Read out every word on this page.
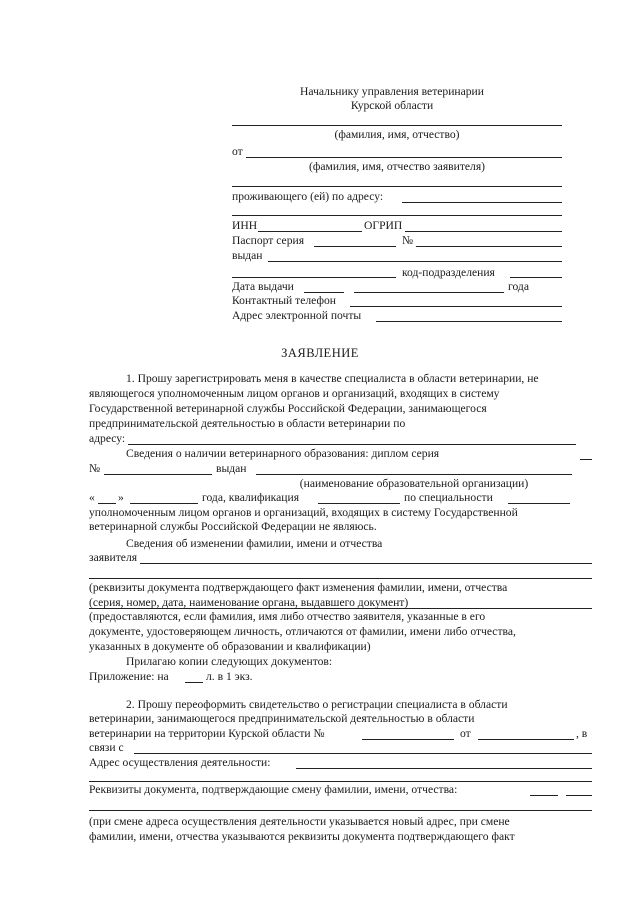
Начальнику управления ветеринарии
Курской области
(фамилия, имя, отчество)
от
(фамилия, имя, отчество заявителя)
проживающего (ей) по адресу:
ИНН	ОГРИП
Паспорт серия	№
выдан
код-подразделения
Дата выдачи	года
Контактный телефон
Адрес электронной почты
ЗАЯВЛЕНИЕ
1. Прошу зарегистрировать меня в качестве специалиста в области ветеринарии, не
являющегося уполномоченным лицом органов и организаций, входящих в систему
Государственной ветеринарной службы Российской Федерации, занимающегося
предпринимательской деятельностью в области ветеринарии по
адресу:
Сведения о наличии ветеринарного образования: диплом серия
№	выдан
(наименование образовательной организации)
« »	года, квалификация	по специальности
уполномоченным лицом органов и организаций, входящих в систему Государственной
ветеринарной службы Российской Федерации не являюсь.
Сведения об изменении фамилии, имени и отчества
заявителя
(реквизиты документа подтверждающего факт изменения фамилии, имени, отчества
(серия, номер, дата, наименование органа, выдавшего документ)
(предоставляются, если фамилия, имя либо отчество заявителя, указанные в его
документе, удостоверяющем личность, отличаются от фамилии, имени либо отчества,
указанных в документе об образовании и квалификации)
Прилагаю копии следующих документов:
Приложение: на	л. в 1 экз.
2. Прошу переоформить свидетельство о регистрации специалиста в области
ветеринарии, занимающегося предпринимательской деятельностью в области
ветеринарии на территории Курской области №	от	, в
связи с
Адрес осуществления деятельности:
Реквизиты документа, подтверждающие смену фамилии, имени, отчества:
(при смене адреса осуществления деятельности указывается новый адрес, при смене
фамилии, имени, отчества указываются реквизиты документа подтверждающего факт
